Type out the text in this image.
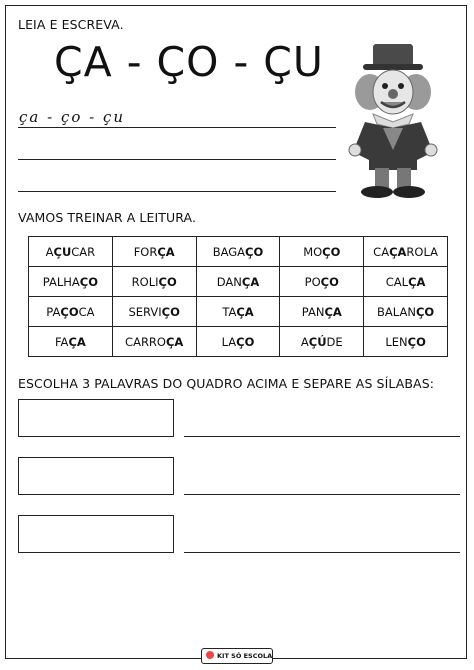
LEIA E ESCREVA.
ÇA - ÇO - ÇU
ça - ço - çu
VAMOS TREINAR A LEITURA.
AÇUCAR	FORÇA	BAGAÇO	MOÇO	CAÇAROLA
PALHAÇO	ROLIÇO	DANÇA	POÇO	CALÇA
PAÇOCA	SERVIÇO	TAÇA	PANÇA	BALANÇO
FAÇA	CARROÇA	LAÇO	AÇÚDE	LENÇO
ESCOLHA 3 PALAVRAS DO QUADRO ACIMA E SEPARE AS SÍLABAS:
KIT SÓ ESCOLA
